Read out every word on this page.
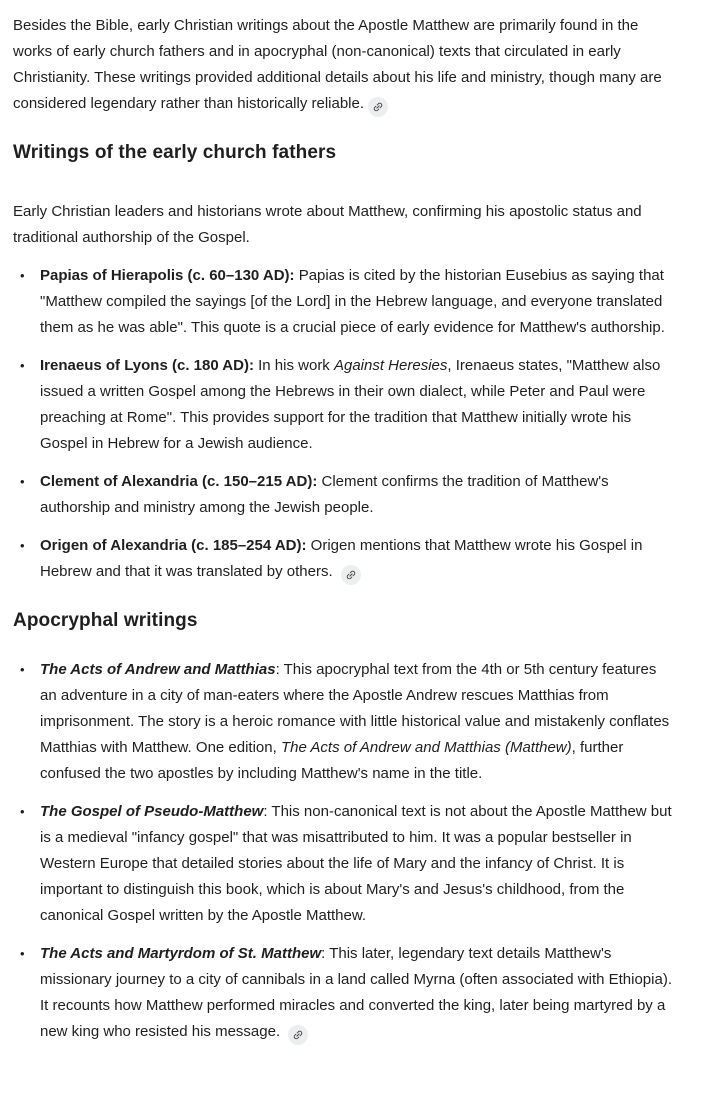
Besides the Bible, early Christian writings about the Apostle Matthew are primarily found in the works of early church fathers and in apocryphal (non-canonical) texts that circulated in early Christianity. These writings provided additional details about his life and ministry, though many are considered legendary rather than historically reliable.

Writings of the early church fathers

Early Christian leaders and historians wrote about Matthew, confirming his apostolic status and traditional authorship of the Gospel.

• Papias of Hierapolis (c. 60–130 AD): Papias is cited by the historian Eusebius as saying that "Matthew compiled the sayings [of the Lord] in the Hebrew language, and everyone translated them as he was able". This quote is a crucial piece of early evidence for Matthew's authorship.
• Irenaeus of Lyons (c. 180 AD): In his work Against Heresies, Irenaeus states, "Matthew also issued a written Gospel among the Hebrews in their own dialect, while Peter and Paul were preaching at Rome". This provides support for the tradition that Matthew initially wrote his Gospel in Hebrew for a Jewish audience.
• Clement of Alexandria (c. 150–215 AD): Clement confirms the tradition of Matthew's authorship and ministry among the Jewish people.
• Origen of Alexandria (c. 185–254 AD): Origen mentions that Matthew wrote his Gospel in Hebrew and that it was translated by others.
Apocryphal writings
• The Acts of Andrew and Matthias: This apocryphal text from the 4th or 5th century features an adventure in a city of man-eaters where the Apostle Andrew rescues Matthias from imprisonment. The story is a heroic romance with little historical value and mistakenly conflates Matthias with Matthew. One edition, The Acts of Andrew and Matthias (Matthew), further confused the two apostles by including Matthew's name in the title.
• The Gospel of Pseudo-Matthew: This non-canonical text is not about the Apostle Matthew but is a medieval "infancy gospel" that was misattributed to him. It was a popular bestseller in Western Europe that detailed stories about the life of Mary and the infancy of Christ. It is important to distinguish this book, which is about Mary's and Jesus's childhood, from the canonical Gospel written by the Apostle Matthew.
• The Acts and Martyrdom of St. Matthew: This later, legendary text details Matthew's missionary journey to a city of cannibals in a land called Myrna (often associated with Ethiopia). It recounts how Matthew performed miracles and converted the king, later being martyred by a new king who resisted his message.
